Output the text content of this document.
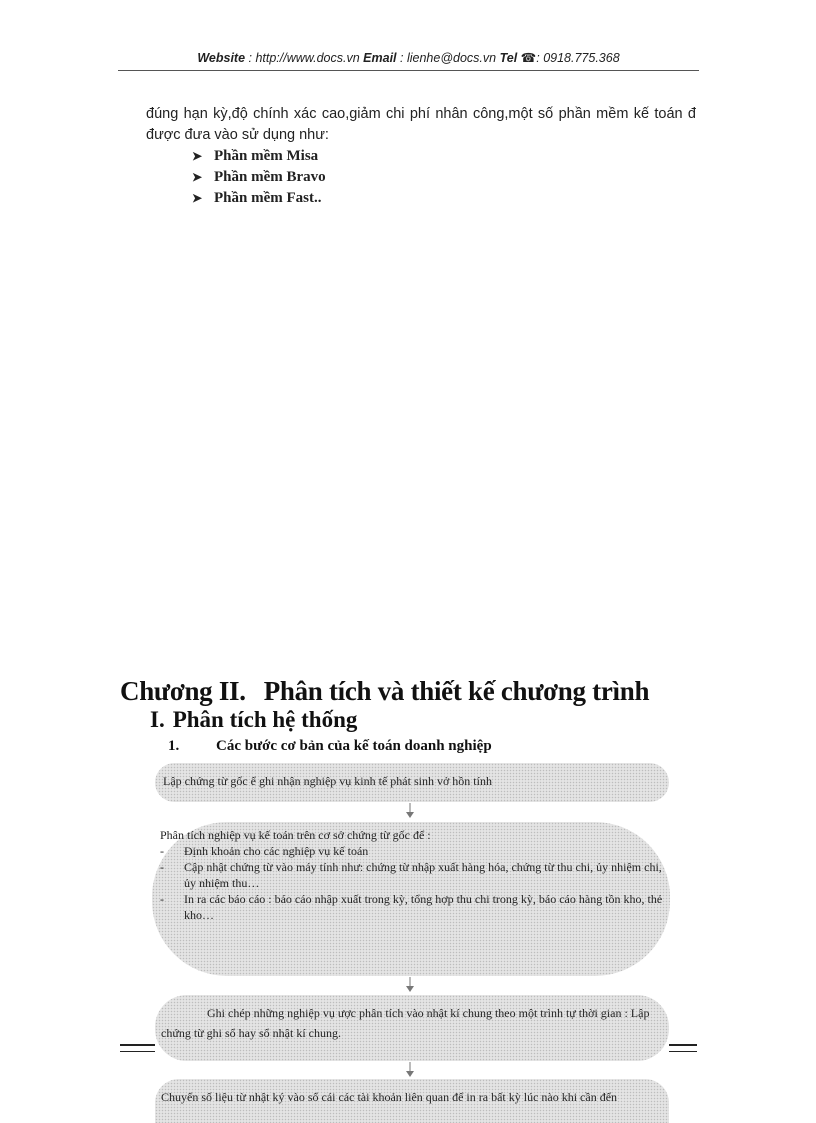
Website : http://www.docs.vn Email : lienhe@docs.vn Tel ☎: 0918.775.368
đúng hạn kỳ,độ chính xác cao,giảm chi phí nhân công,một số phần mềm kế toán đ được đưa vào sử dụng như:
➤ Phần mềm Misa
➤ Phần mềm Bravo
➤ Phần mềm Fast..
Chương II. Phân tích và thiết kế chương trình
I. Phân tích hệ thống
1. Các bước cơ bản của kế toán doanh nghiệp
Lập chứng từ gốc ể ghi nhận nghiệp vụ kinh tế phát sinh vở hồn tính
Phân tích nghiệp vụ kế toán trên cơ sở chứng từ gốc để :
- Định khoản cho các nghiệp vụ kế toán
- Cập nhật chứng từ vào máy tính như: chứng từ nhập xuất hàng hóa, chứng từ thu chi, ủy nhiệm chi, ủy nhiệm thu…
- In ra các báo cáo : báo cáo nhập xuất trong kỳ, tổng hợp thu chi trong kỳ, báo cáo hàng tồn kho, thẻ kho…
Ghi chép những nghiệp vụ ược phân tích vào nhật kí chung theo một trình tự thời gian : Lập chứng từ ghi sổ hay sổ nhật kí chung.
Chuyển số liệu từ nhật ký vào sổ cái các tài khoản liên quan để in ra bất kỳ lúc nào khi cần đến
